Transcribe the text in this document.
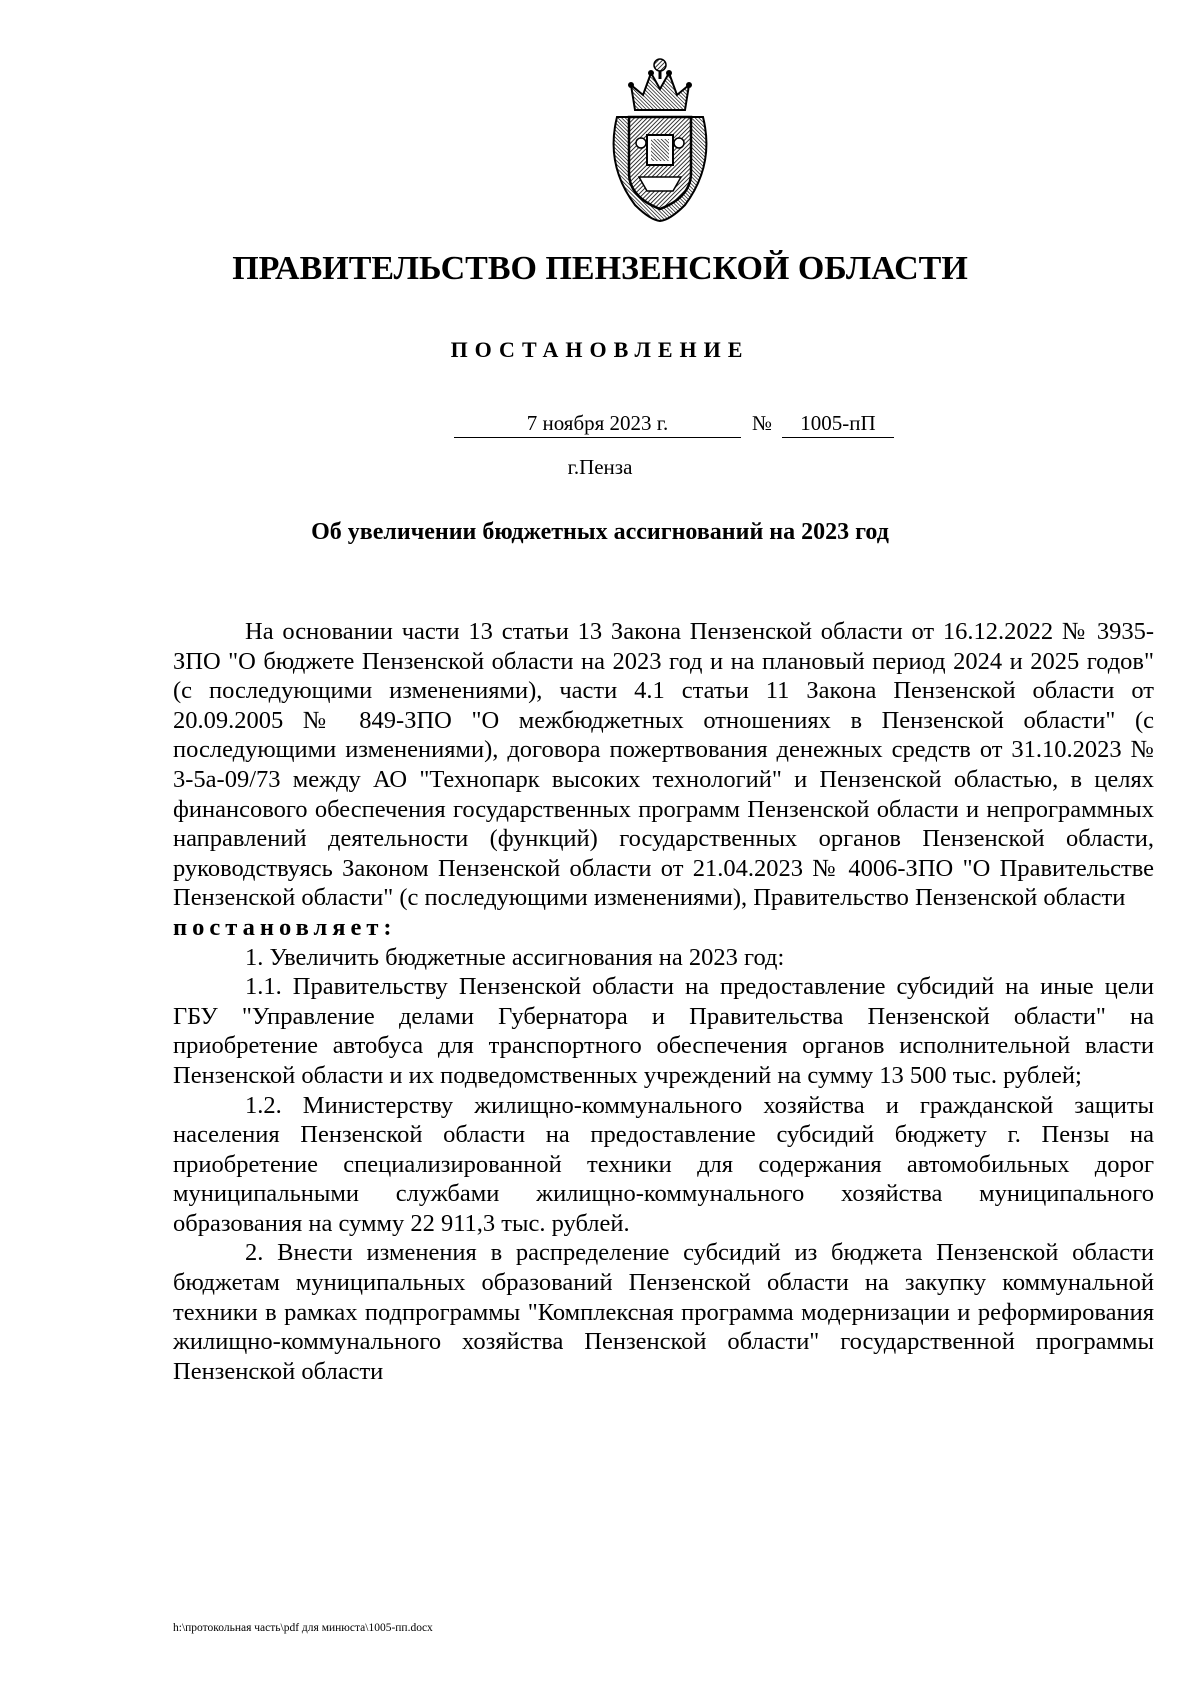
ПРАВИТЕЛЬСТВО ПЕНЗЕНСКОЙ ОБЛАСТИ
ПОСТАНОВЛЕНИЕ
7 ноября 2023 г.	№	1005-пП
г.Пенза
Об увеличении бюджетных ассигнований на 2023 год

На основании части 13 статьи 13 Закона Пензенской области от 16.12.2022 № 3935-ЗПО "О бюджете Пензенской области на 2023 год и на плановый период 2024 и 2025 годов" (с последующими изменениями), части 4.1 статьи 11 Закона Пензенской области от 20.09.2005 № 849-ЗПО "О межбюджетных отношениях в Пензенской области" (с последующими изменениями), договора пожертвования денежных средств от 31.10.2023 № 3-5а-09/73 между АО "Технопарк высоких технологий" и Пензенской областью, в целях финансового обеспечения государственных программ Пензенской области и непрограммных направлений деятельности (функций) государственных органов Пензенской области, руководствуясь Законом Пензенской области от 21.04.2023 № 4006-ЗПО "О Правительстве Пензенской области" (с последующими изменениями), Правительство Пензенской области

постановляет:

1. Увеличить бюджетные ассигнования на 2023 год:

1.1. Правительству Пензенской области на предоставление субсидий на иные цели ГБУ "Управление делами Губернатора и Правительства Пензенской области" на приобретение автобуса для транспортного обеспечения органов исполнительной власти Пензенской области и их подведомственных учреждений на сумму 13 500 тыс. рублей;

1.2. Министерству жилищно-коммунального хозяйства и гражданской защиты населения Пензенской области на предоставление субсидий бюджету г. Пензы на приобретение специализированной техники для содержания автомобильных дорог муниципальными службами жилищно-коммунального хозяйства муниципального образования на сумму 22 911,3 тыс. рублей.

2. Внести изменения в распределение субсидий из бюджета Пензенской области бюджетам муниципальных образований Пензенской области на закупку коммунальной техники в рамках подпрограммы "Комплексная программа модернизации и реформирования жилищно-коммунального хозяйства Пензенской области" государственной программы Пензенской области

h:\протокольная часть\pdf для минюста\1005-пп.docx
